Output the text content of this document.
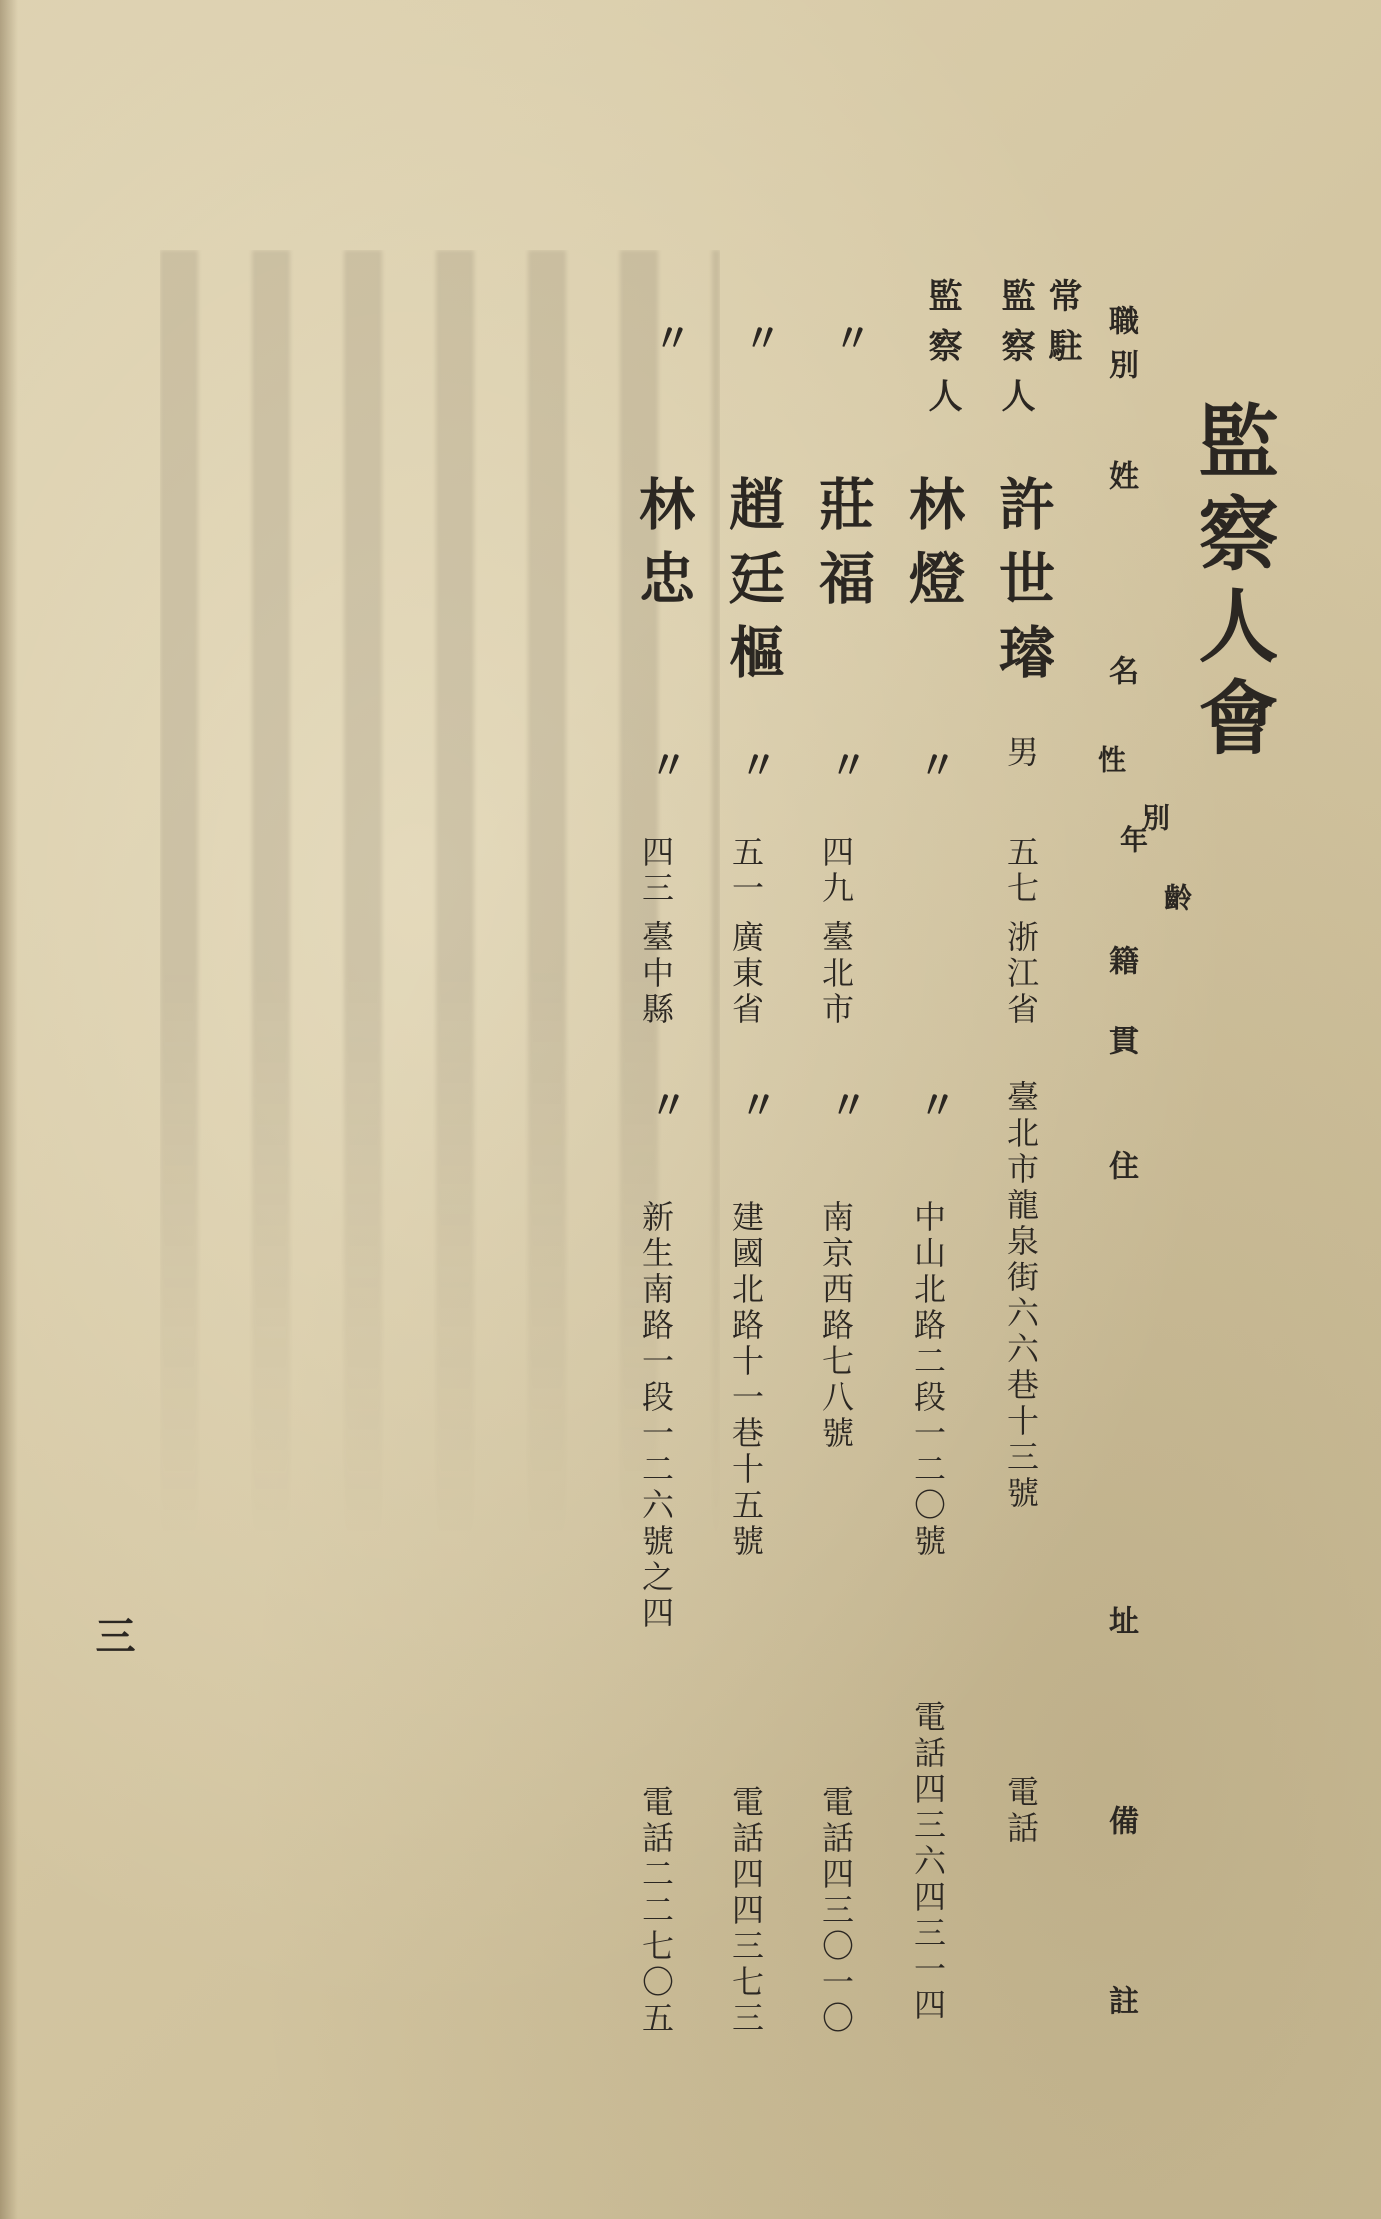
監察人會
職別
姓
名
性
別
年
齡
籍
貫
住
址
備
註
常駐
監察人
許世璿
男
五七
浙江省
臺北市龍泉街六六巷十三號
電話
監察人
林燈
〃
〃
中山北路二段一二〇號
電話四三六四三一四
〃
莊福
〃
四九
臺北市
〃
南京西路七八號
電話四三〇一〇
〃
趙廷樞
〃
五一
廣東省
〃
建國北路十一巷十五號
電話四四三七三
〃
林忠
〃
四三
臺中縣
〃
新生南路一段一二六號之四
電話二二七〇五
三
